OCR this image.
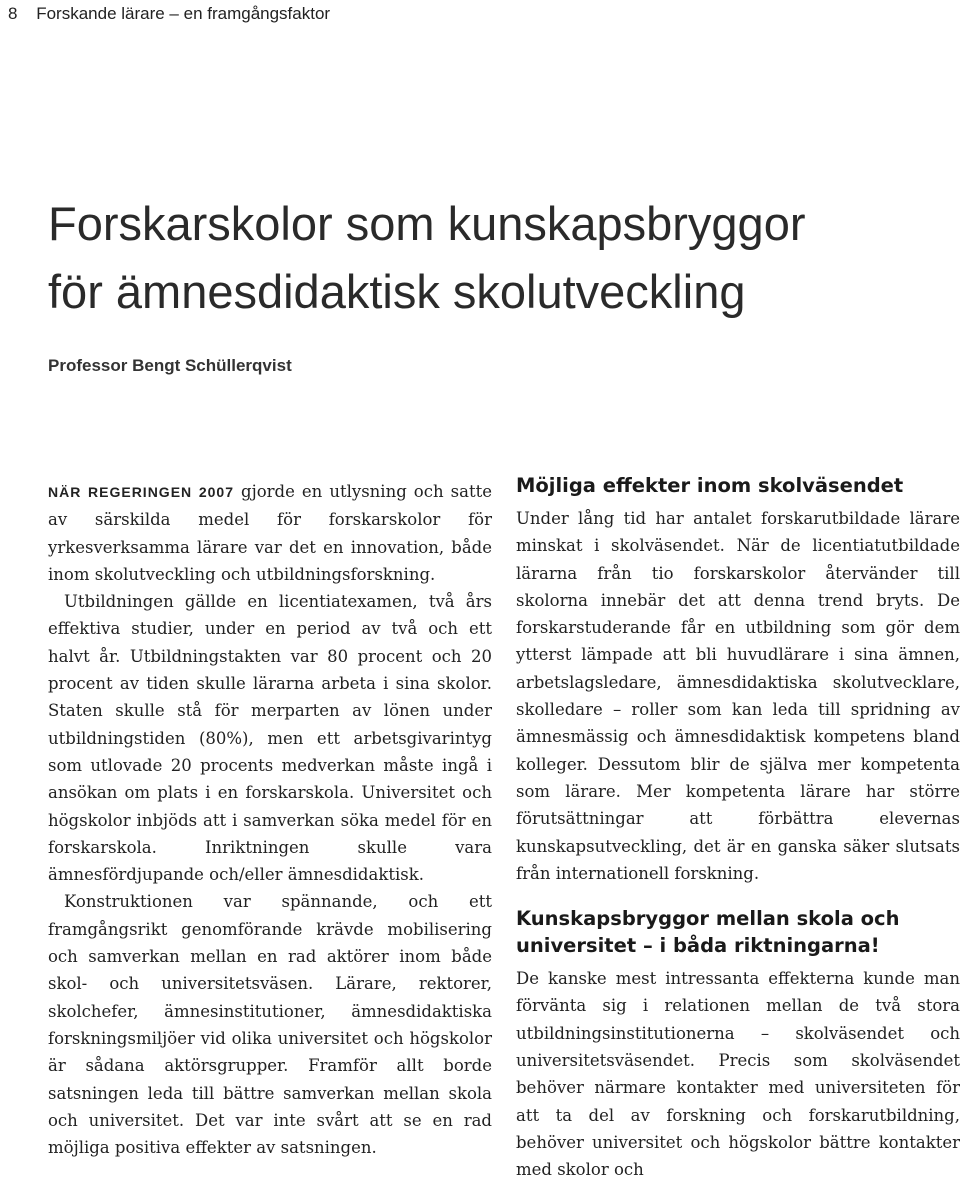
8 Forskande lärare – en framgångsfaktor
Forskarskolor som kunskapsbryggor
för ämnesdidaktisk skolutveckling
Professor Bengt Schüllerqvist

NÄR REGERINGEN 2007 gjorde en utlysning och satte av särskilda medel för forskarskolor för yrkesverksamma lärare var det en innovation, både inom skolutveckling och utbildningsforskning.

Utbildningen gällde en licentiatexamen, två års effektiva studier, under en period av två och ett halvt år. Utbildningstakten var 80 procent och 20 procent av tiden skulle lärarna arbeta i sina skolor. Staten skulle stå för merparten av lönen under utbildningstiden (80%), men ett arbetsgivarintyg som utlovade 20 procents medverkan måste ingå i ansökan om plats i en forskarskola. Universitet och högskolor inbjöds att i samverkan söka medel för en forskarskola. Inriktningen skulle vara ämnesfördjupande och/eller ämnesdidaktisk.

Konstruktionen var spännande, och ett framgångsrikt genomförande krävde mobilisering och samverkan mellan en rad aktörer inom både skol- och universitetsväsen. Lärare, rektorer, skolchefer, ämnesinstitutioner, ämnesdidaktiska forskningsmiljöer vid olika universitet och högskolor är sådana aktörsgrupper. Framför allt borde satsningen leda till bättre samverkan mellan skola och universitet. Det var inte svårt att se en rad möjliga positiva effekter av satsningen.

Möjliga effekter inom skolväsendet

Under lång tid har antalet forskarutbildade lärare minskat i skolväsendet. När de licentiatutbildade lärarna från tio forskarskolor återvänder till skolorna innebär det att denna trend bryts. De forskarstuderande får en utbildning som gör dem ytterst lämpade att bli huvudlärare i sina ämnen, arbetslagsledare, ämnesdidaktiska skolutvecklare, skolledare – roller som kan leda till spridning av ämnesmässig och ämnesdidaktisk kompetens bland kolleger. Dessutom blir de själva mer kompetenta som lärare. Mer kompetenta lärare har större förutsättningar att förbättra elevernas kunskapsutveckling, det är en ganska säker slutsats från internationell forskning.

Kunskapsbryggor mellan skola och universitet – i båda riktningarna!

De kanske mest intressanta effekterna kunde man förvänta sig i relationen mellan de två stora utbildningsinstitutionerna – skolväsendet och universitetsväsendet. Precis som skolväsendet behöver närmare kontakter med universiteten för att ta del av forskning och forskarutbildning, behöver universitet och högskolor bättre kontakter med skolor och
